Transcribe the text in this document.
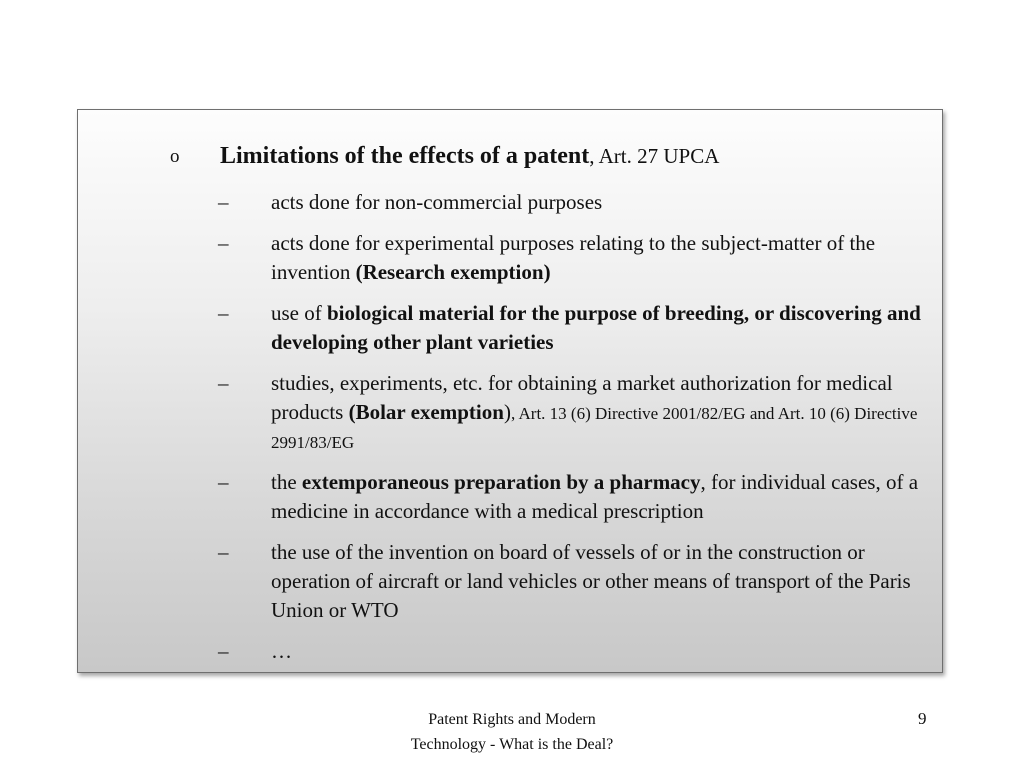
o Limitations of the effects of a patent, Art. 27 UPCA
– acts done for non-commercial purposes
– acts done for experimental purposes relating to the subject-matter of the invention (Research exemption)
– use of biological material for the purpose of breeding, or discovering and developing other plant varieties
– studies, experiments, etc. for obtaining a market authorization for medical products (Bolar exemption), Art. 13 (6) Directive 2001/82/EG and Art. 10 (6) Directive 2991/83/EG
– the extemporaneous preparation by a pharmacy, for individual cases, of a medicine in accordance with a medical prescription
– the use of the invention on board of vessels of or in the construction or operation of aircraft or land vehicles or other means of transport of the Paris Union or WTO
– …
Patent Rights and Modern
Technology - What is the Deal?
9
